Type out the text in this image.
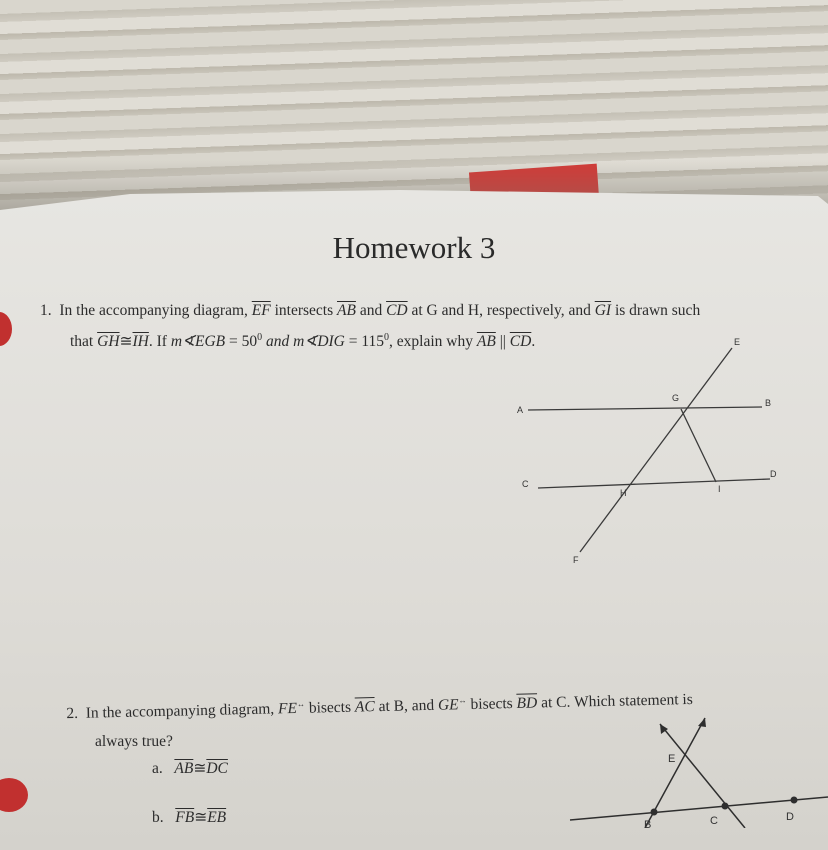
Homework 3
1. In the accompanying diagram, $\overline{EF}$ intersects $\overline{AB}$ and $\overline{CD}$ at G and H, respectively, and $\overline{GI}$ is drawn such
that $\overline{GH}≅\overline{IH}$. If m∢EGB = $50^0$ and m∢DIG = $115^0$, explain why $\overline{AB}$ || $\overline{CD}$.
A
B
C
D
E
F
G
H	I
2. In the accompanying diagram, FE↔ bisects $\overline{AC}$ at B, and GE↔ bisects $\overline{BD}$ at C. Which statement is
always true?
a. $\overline{AB}≅\overline{DC}$
b. $\overline{FB}≅\overline{EB}$
E
B	C	D
